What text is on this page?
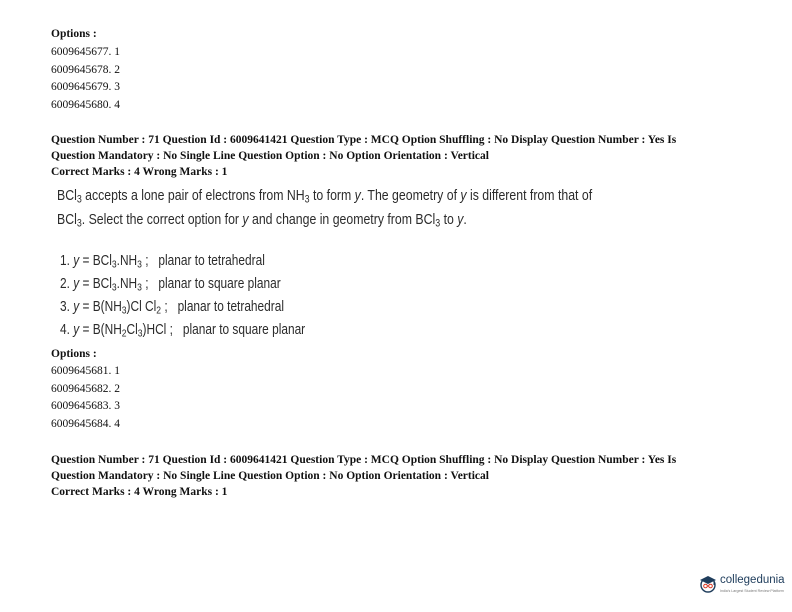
Options :
6009645677. 1
6009645678. 2
6009645679. 3
6009645680. 4
Question Number : 71 Question Id : 6009641421 Question Type : MCQ Option Shuffling : No Display Question Number : Yes Is
Question Mandatory : No Single Line Question Option : No Option Orientation : Vertical
Correct Marks : 4 Wrong Marks : 1
BCl$_3$ accepts a lone pair of electrons from $NH_3$ to form y. The geometry of y is different from that of
BCl$_3$. Select the correct option for y and change in geometry from BCl$_3$ to y.
1. $y = BCl_3.NH_3$ ; planar to tetrahedral
2. $y = BCl_3.NH_3$ ; planar to square planar
3. $y = B(NH_3)Cl$ $Cl_2$ ; planar to tetrahedral
4. $y = B(NH_2Cl_3)HCl$ ; planar to square planar
Options :
6009645681. 1
6009645682. 2
6009645683. 3
6009645684. 4
Question Number : 71 Question Id : 6009641421 Question Type : MCQ Option Shuffling : No Display Question Number : Yes Is
Question Mandatory : No Single Line Question Option : No Option Orientation : Vertical
Correct Marks : 4 Wrong Marks : 1
collegedunia
India's Largest Student Review Platform
